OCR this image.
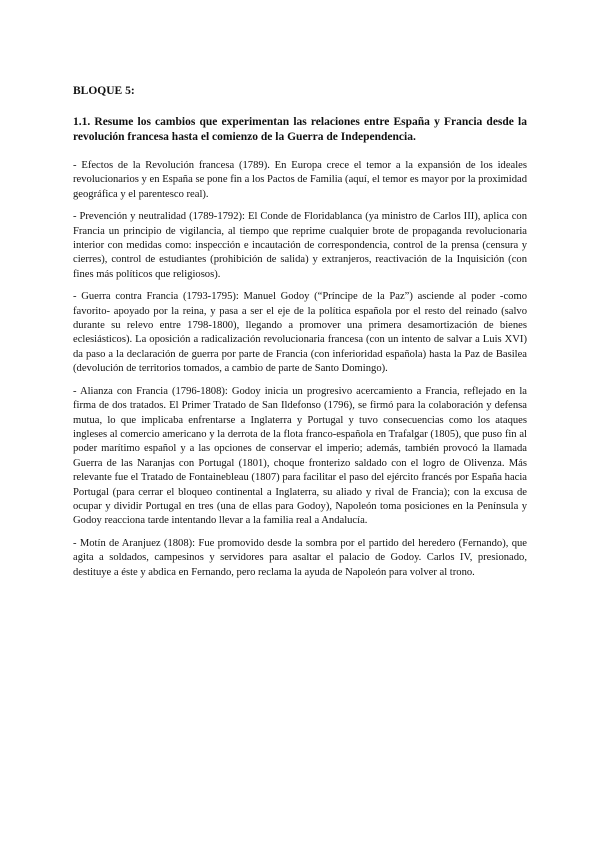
BLOQUE 5:

1.1. Resume los cambios que experimentan las relaciones entre España y Francia desde la revolución francesa hasta el comienzo de la Guerra de Independencia.

- Efectos de la Revolución francesa (1789). En Europa crece el temor a la expansión de los ideales revolucionarios y en España se pone fin a los Pactos de Familia (aquí, el temor es mayor por la proximidad geográfica y el parentesco real).

- Prevención y neutralidad (1789-1792): El Conde de Floridablanca (ya ministro de Carlos III), aplica con Francia un principio de vigilancia, al tiempo que reprime cualquier brote de propaganda revolucionaria interior con medidas como: inspección e incautación de correspondencia, control de la prensa (censura y cierres), control de estudiantes (prohibición de salida) y extranjeros, reactivación de la Inquisición (con fines más políticos que religiosos).

- Guerra contra Francia (1793-1795): Manuel Godoy (“Príncipe de la Paz”) asciende al poder -como favorito- apoyado por la reina, y pasa a ser el eje de la política española por el resto del reinado (salvo durante su relevo entre 1798-1800), llegando a promover una primera desamortización de bienes eclesiásticos). La oposición a radicalización revolucionaria francesa (con un intento de salvar a Luis XVI) da paso a la declaración de guerra por parte de Francia (con inferioridad española) hasta la Paz de Basilea (devolución de territorios tomados, a cambio de parte de Santo Domingo).

- Alianza con Francia (1796-1808): Godoy inicia un progresivo acercamiento a Francia, reflejado en la firma de dos tratados. El Primer Tratado de San Ildefonso (1796), se firmó para la colaboración y defensa mutua, lo que implicaba enfrentarse a Inglaterra y Portugal y tuvo consecuencias como los ataques ingleses al comercio americano y la derrota de la flota franco-española en Trafalgar (1805), que puso fin al poder marítimo español y a las opciones de conservar el imperio; además, también provocó la llamada Guerra de las Naranjas con Portugal (1801), choque fronterizo saldado con el logro de Olivenza. Más relevante fue el Tratado de Fontainebleau (1807) para facilitar el paso del ejército francés por España hacia Portugal (para cerrar el bloqueo continental a Inglaterra, su aliado y rival de Francia); con la excusa de ocupar y dividir Portugal en tres (una de ellas para Godoy), Napoleón toma posiciones en la Península y Godoy reacciona tarde intentando llevar a la familia real a Andalucía.

- Motín de Aranjuez (1808): Fue promovido desde la sombra por el partido del heredero (Fernando), que agita a soldados, campesinos y servidores para asaltar el palacio de Godoy. Carlos IV, presionado, destituye a éste y abdica en Fernando, pero reclama la ayuda de Napoleón para volver al trono.
